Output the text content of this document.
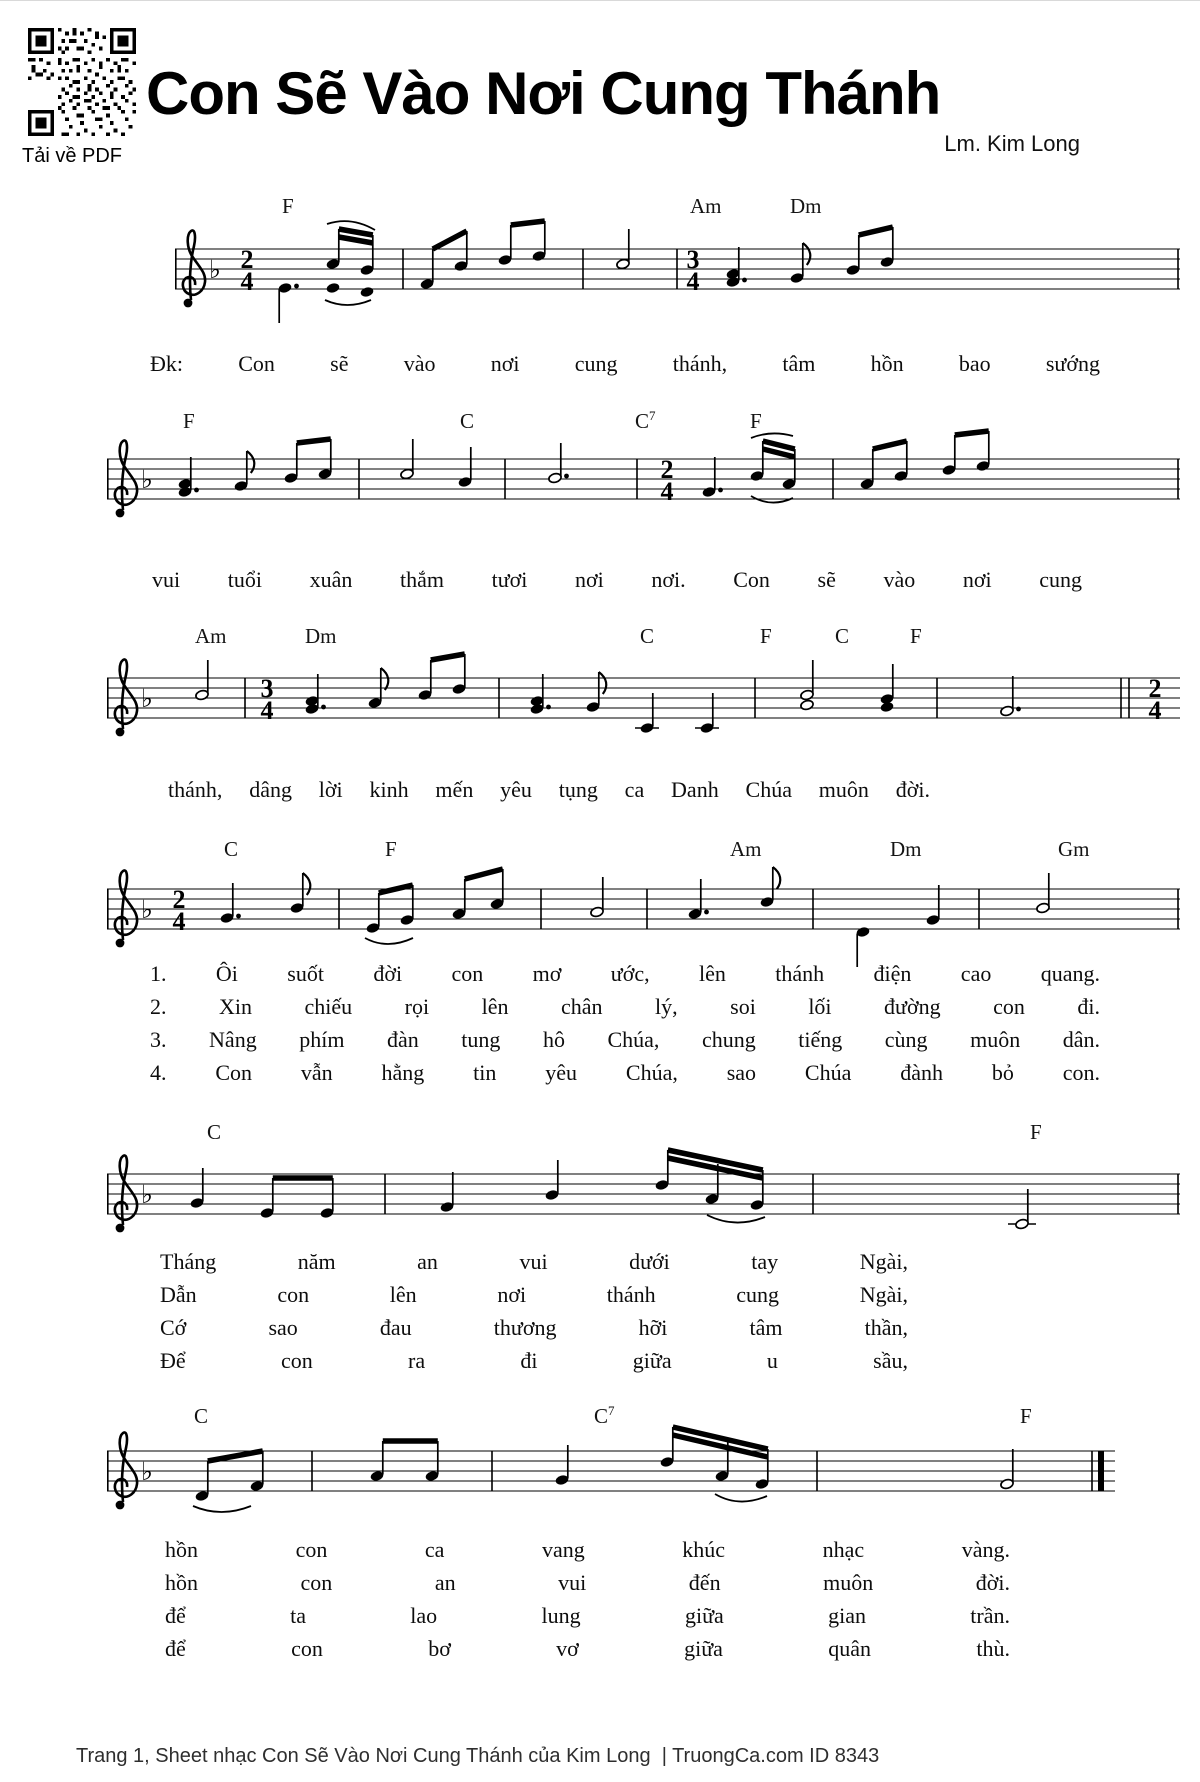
Tải về PDF
Con Sẽ Vào Nơi Cung Thánh
Lm. Kim Long
F	Am	Dm
♭ 2
4
3
4
Đk: Con sẽ vào nơi cung thánh, tâm hồn bao sướng
F	C	$C^7$	F
♭	2
4
vui tuổi xuân thắm tươi nơi nơi. Con sẽ vào nơi cung
Am	Dm	C	F	C	F
♭	3
4
2
4
thánh, dâng lời kinh mến yêu tụng ca Danh Chúa muôn đời.
C	F	Am	Dm	Gm
♭ 2
4
1. Ôi suốt đời con mơ ước, lên thánh điện cao quang.
2. Xin chiếu rọi lên chân lý, soi lối đường con đi.
3. Nâng phím đàn tung hô Chúa, chung tiếng cùng muôn dân.
4. Con vẫn hằng tin yêu Chúa, sao Chúa đành bỏ con.
C	F
♭
Tháng năm an vui dưới tay Ngài,
Dẫn con lên nơi thánh cung Ngài,
Cớ sao đau thương hỡi tâm thần,
Để con ra đi giữa u sầu,
C	$C^7$	F
♭
hồn con ca vang khúc nhạc vàng.
hồn con an vui đến muôn đời.
để ta lao lung giữa gian trần.
để con bơ vơ giữa quân thù.
Trang 1, Sheet nhạc Con Sẽ Vào Nơi Cung Thánh của Kim Long  | TruongCa.com ID 8343
